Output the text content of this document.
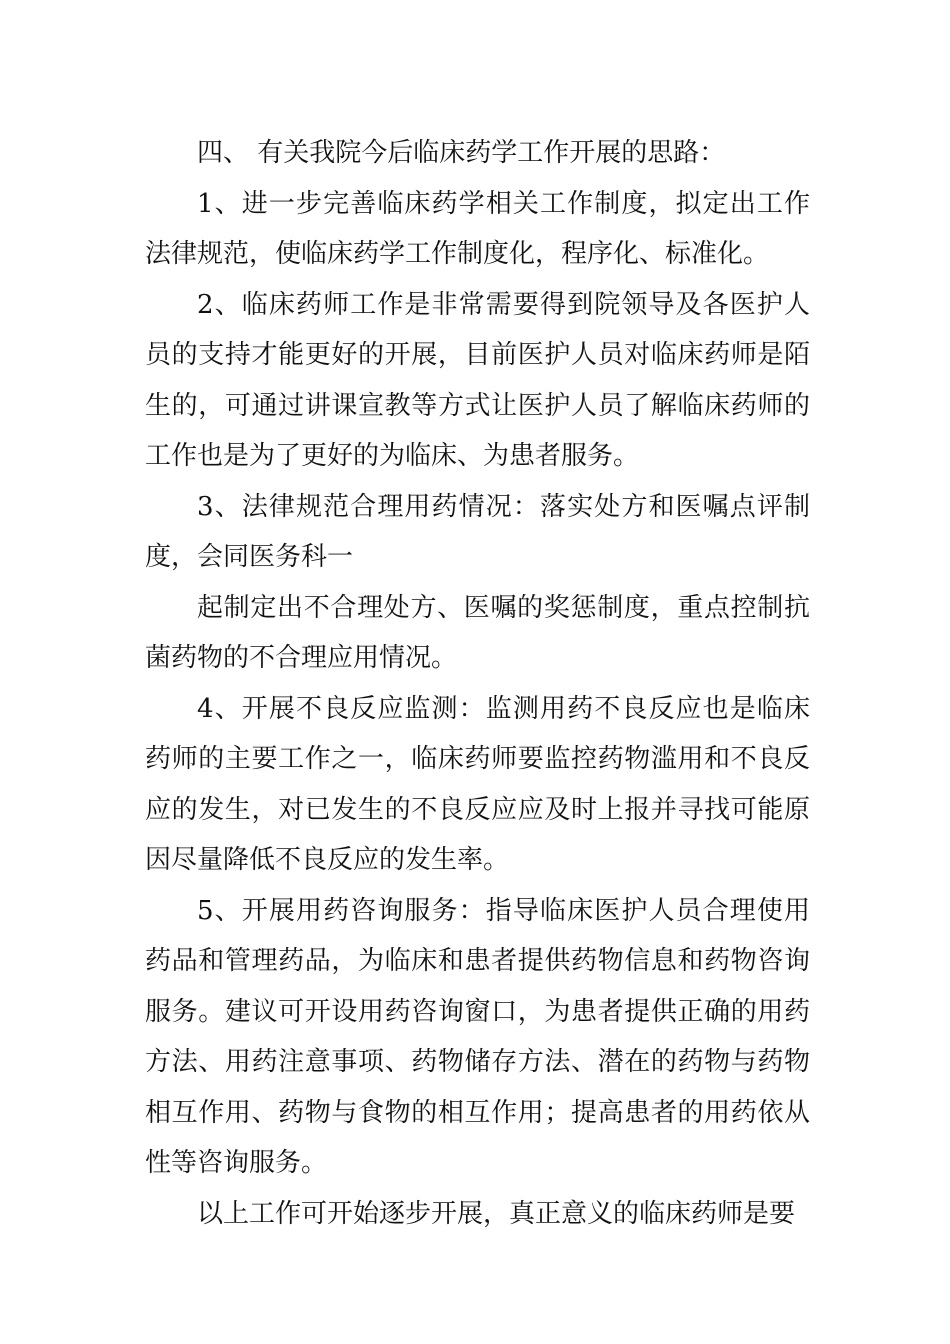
四、 有关我院今后临床药学工作开展的思路：

1、进一步完善临床药学相关工作制度，拟定出工作法律规范，使临床药学工作制度化，程序化、标准化。

2、临床药师工作是非常需要得到院领导及各医护人员的支持才能更好的开展，目前医护人员对临床药师是陌生的，可通过讲课宣教等方式让医护人员了解临床药师的工作也是为了更好的为临床、为患者服务。

3、法律规范合理用药情况：落实处方和医嘱点评制度，会同医务科一

起制定出不合理处方、医嘱的奖惩制度，重点控制抗菌药物的不合理应用情况。

4、开展不良反应监测：监测用药不良反应也是临床药师的主要工作之一，临床药师要监控药物滥用和不良反应的发生，对已发生的不良反应应及时上报并寻找可能原因尽量降低不良反应的发生率。

5、开展用药咨询服务：指导临床医护人员合理使用药品和管理药品，为临床和患者提供药物信息和药物咨询服务。建议可开设用药咨询窗口，为患者提供正确的用药方法、用药注意事项、药物储存方法、潜在的药物与药物相互作用、药物与食物的相互作用；提高患者的用药依从性等咨询服务。

以上工作可开始逐步开展，真正意义的临床药师是要
